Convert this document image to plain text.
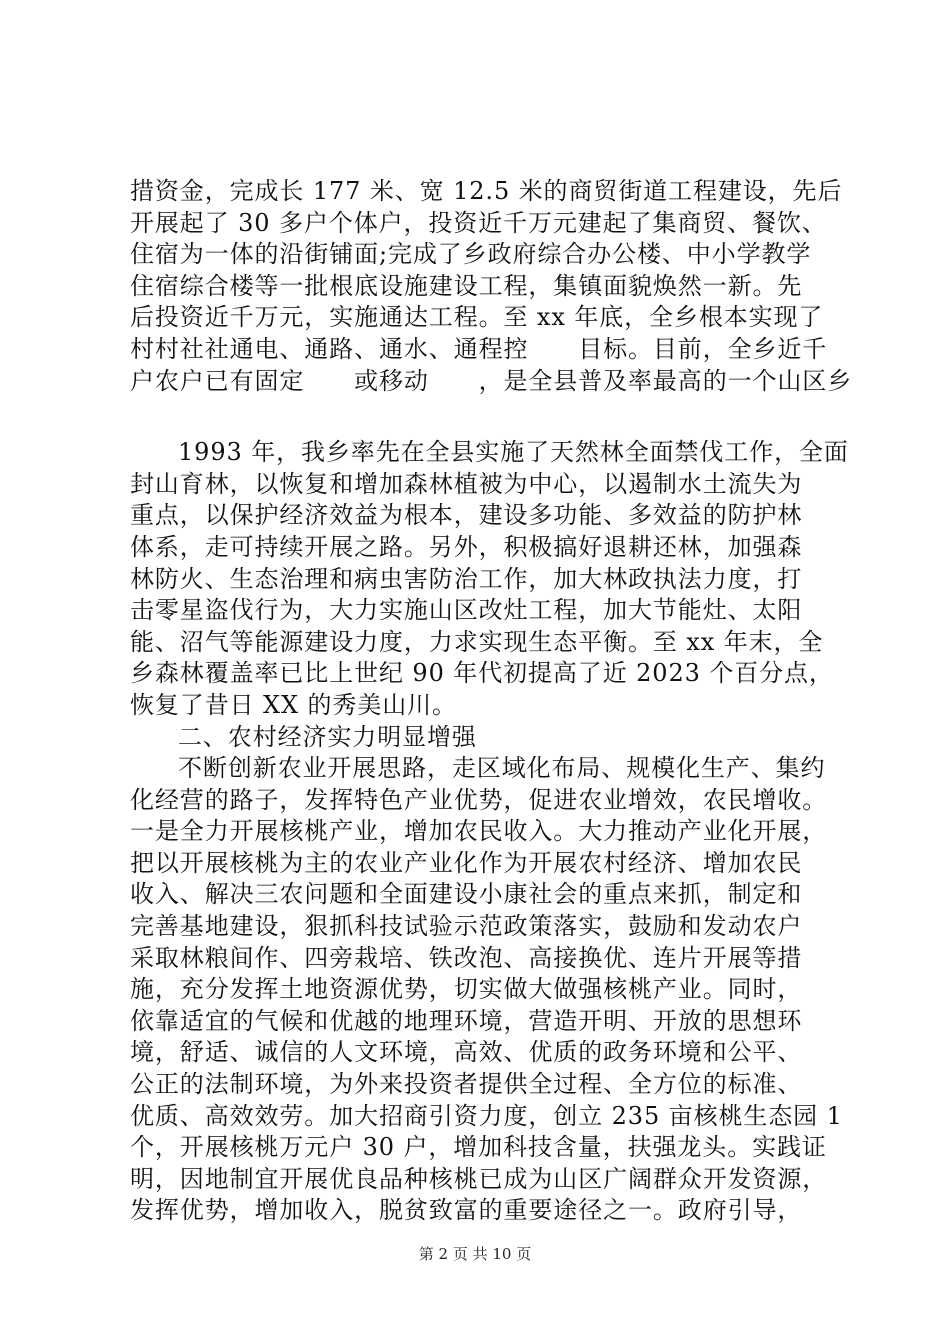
措资金，完成长 177 米、宽 12.5 米的商贸街道工程建设，先后
开展起了 30 多户个体户，投资近千万元建起了集商贸、餐饮、
住宿为一体的沿街铺面;完成了乡政府综合办公楼、中小学教学
住宿综合楼等一批根底设施建设工程，集镇面貌焕然一新。先
后投资近千万元，实施通达工程。至 xx 年底，全乡根本实现了
村村社社通电、通路、通水、通程控　　目标。目前，全乡近千
户农户已有固定　　或移动　　，是全县普及率最高的一个山区乡
1993 年，我乡率先在全县实施了天然林全面禁伐工作，全面
封山育林，以恢复和增加森林植被为中心，以遏制水土流失为
重点，以保护经济效益为根本，建设多功能、多效益的防护林
体系，走可持续开展之路。另外，积极搞好退耕还林，加强森
林防火、生态治理和病虫害防治工作，加大林政执法力度，打
击零星盗伐行为，大力实施山区改灶工程，加大节能灶、太阳
能、沼气等能源建设力度，力求实现生态平衡。至 xx 年末，全
乡森林覆盖率已比上世纪 90 年代初提高了近 2023 个百分点，
恢复了昔日 XX 的秀美山川。
二、农村经济实力明显增强
不断创新农业开展思路，走区域化布局、规模化生产、集约
化经营的路子，发挥特色产业优势，促进农业增效，农民增收。
一是全力开展核桃产业，增加农民收入。大力推动产业化开展，
把以开展核桃为主的农业产业化作为开展农村经济、增加农民
收入、解决三农问题和全面建设小康社会的重点来抓，制定和
完善基地建设，狠抓科技试验示范政策落实，鼓励和发动农户
采取林粮间作、四旁栽培、铁改泡、高接换优、连片开展等措
施，充分发挥土地资源优势，切实做大做强核桃产业。同时，
依靠适宜的气候和优越的地理环境，营造开明、开放的思想环
境，舒适、诚信的人文环境，高效、优质的政务环境和公平、
公正的法制环境，为外来投资者提供全过程、全方位的标准、
优质、高效效劳。加大招商引资力度，创立 235 亩核桃生态园 1
个，开展核桃万元户 30 户，增加科技含量，扶强龙头。实践证
明，因地制宜开展优良品种核桃已成为山区广阔群众开发资源，
发挥优势，增加收入，脱贫致富的重要途径之一。政府引导，
第 2 页 共 10 页
